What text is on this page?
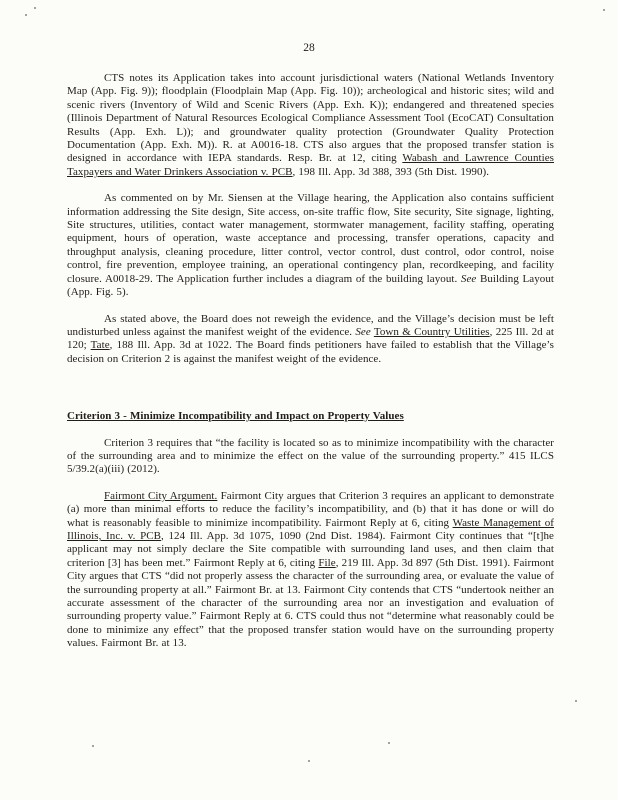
28

CTS notes its Application takes into account jurisdictional waters (National Wetlands Inventory Map (App. Fig. 9)); floodplain (Floodplain Map (App. Fig. 10)); archeological and historic sites; wild and scenic rivers (Inventory of Wild and Scenic Rivers (App. Exh. K)); endangered and threatened species (Illinois Department of Natural Resources Ecological Compliance Assessment Tool (EcoCAT) Consultation Results (App. Exh. L)); and groundwater quality protection (Groundwater Quality Protection Documentation (App. Exh. M)). R. at A0016-18. CTS also argues that the proposed transfer station is designed in accordance with IEPA standards. Resp. Br. at 12, citing Wabash and Lawrence Counties Taxpayers and Water Drinkers Association v. PCB, 198 Ill. App. 3d 388, 393 (5th Dist. 1990).

As commented on by Mr. Siensen at the Village hearing, the Application also contains sufficient information addressing the Site design, Site access, on-site traffic flow, Site security, Site signage, lighting, Site structures, utilities, contact water management, stormwater management, facility staffing, operating equipment, hours of operation, waste acceptance and processing, transfer operations, capacity and throughput analysis, cleaning procedure, litter control, vector control, dust control, odor control, noise control, fire prevention, employee training, an operational contingency plan, recordkeeping, and facility closure. A0018-29. The Application further includes a diagram of the building layout. See Building Layout (App. Fig. 5).

As stated above, the Board does not reweigh the evidence, and the Village’s decision must be left undisturbed unless against the manifest weight of the evidence. See Town & Country Utilities, 225 Ill. 2d at 120; Tate, 188 Ill. App. 3d at 1022. The Board finds petitioners have failed to establish that the Village’s decision on Criterion 2 is against the manifest weight of the evidence.

Criterion 3 - Minimize Incompatibility and Impact on Property Values

Criterion 3 requires that “the facility is located so as to minimize incompatibility with the character of the surrounding area and to minimize the effect on the value of the surrounding property.” 415 ILCS 5/39.2(a)(iii) (2012).

Fairmont City Argument. Fairmont City argues that Criterion 3 requires an applicant to demonstrate (a) more than minimal efforts to reduce the facility’s incompatibility, and (b) that it has done or will do what is reasonably feasible to minimize incompatibility. Fairmont Reply at 6, citing Waste Management of Illinois, Inc. v. PCB, 124 Ill. App. 3d 1075, 1090 (2nd Dist. 1984). Fairmont City continues that “[t]he applicant may not simply declare the Site compatible with surrounding land uses, and then claim that criterion [3] has been met.” Fairmont Reply at 6, citing File, 219 Ill. App. 3d 897 (5th Dist. 1991). Fairmont City argues that CTS “did not properly assess the character of the surrounding area, or evaluate the value of the surrounding property at all.” Fairmont Br. at 13. Fairmont City contends that CTS “undertook neither an accurate assessment of the character of the surrounding area nor an investigation and evaluation of surrounding property value.” Fairmont Reply at 6. CTS could thus not “determine what reasonably could be done to minimize any effect” that the proposed transfer station would have on the surrounding property values. Fairmont Br. at 13.
